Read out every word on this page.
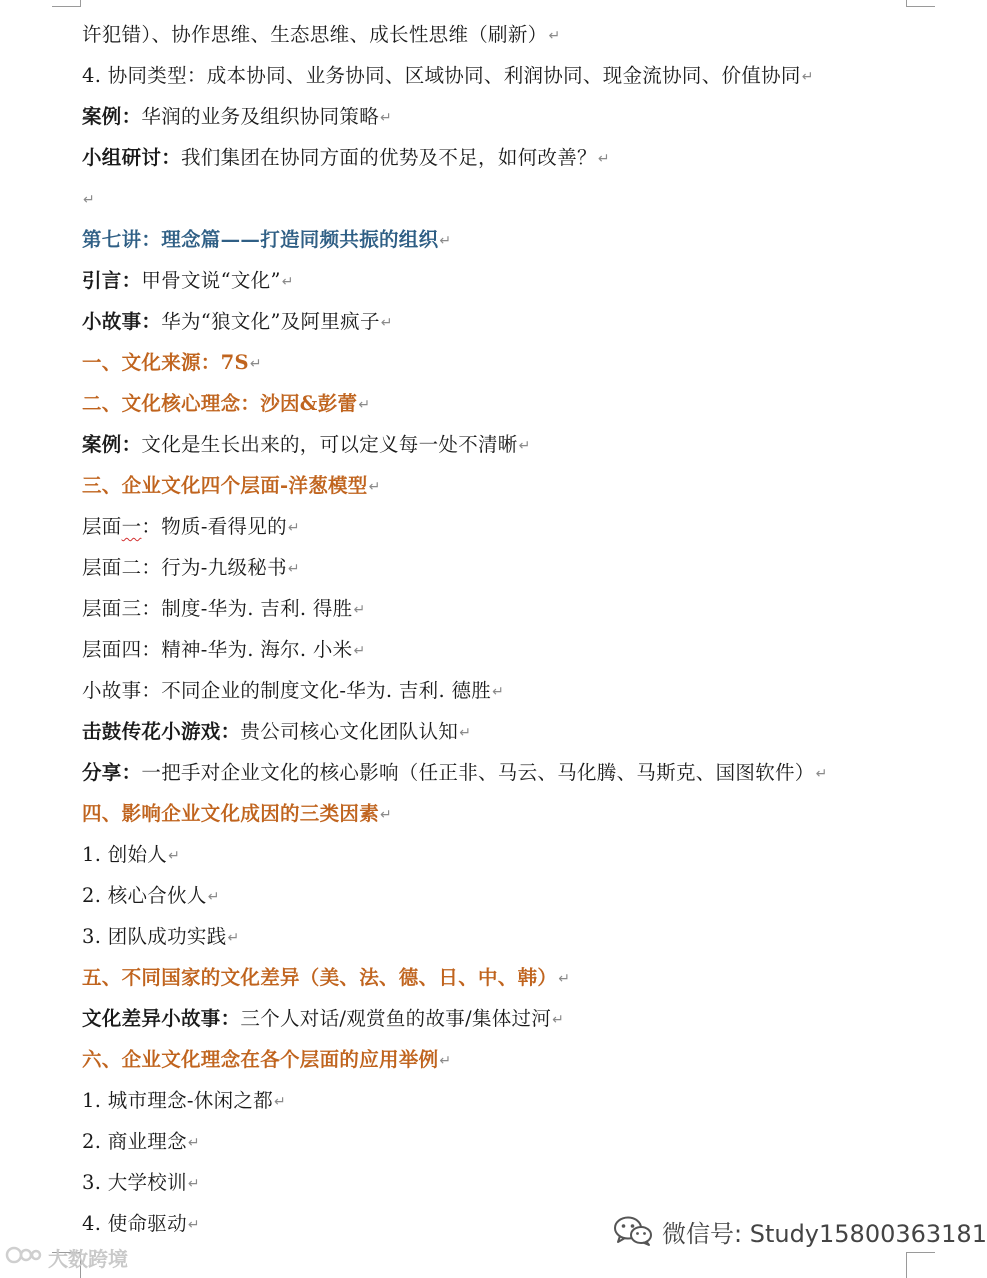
许犯错）、协作思维、生态思维、成长性思维（刷新）↵
4. 协同类型：成本协同、业务协同、区域协同、利润协同、现金流协同、价值协同↵
案例：华润的业务及组织协同策略↵
小组研讨：我们集团在协同方面的优势及不足，如何改善？↵
↵
第七讲：理念篇——打造同频共振的组织↵
引言：甲骨文说“文化”↵
小故事：华为“狼文化”及阿里疯子↵
一、文化来源：7S↵
二、文化核心理念：沙因&彭蕾↵
案例：文化是生长出来的，可以定义每一处不清晰↵
三、企业文化四个层面-洋葱模型↵
层面一：物质-看得见的↵
层面二：行为-九级秘书↵
层面三：制度-华为. 吉利. 得胜↵
层面四：精神-华为. 海尔. 小米↵
小故事：不同企业的制度文化-华为. 吉利. 德胜↵
击鼓传花小游戏：贵公司核心文化团队认知↵
分享：一把手对企业文化的核心影响（任正非、马云、马化腾、马斯克、国图软件）↵
四、影响企业文化成因的三类因素↵
1. 创始人↵
2. 核心合伙人↵
3. 团队成功实践↵
五、不同国家的文化差异（美、法、德、日、中、韩）↵
文化差异小故事：三个人对话/观赏鱼的故事/集体过河↵
六、企业文化理念在各个层面的应用举例↵
1. 城市理念-休闲之都↵
2. 商业理念↵
3. 大学校训↵
4. 使命驱动↵	微信号: Study15800363181
大数跨境
